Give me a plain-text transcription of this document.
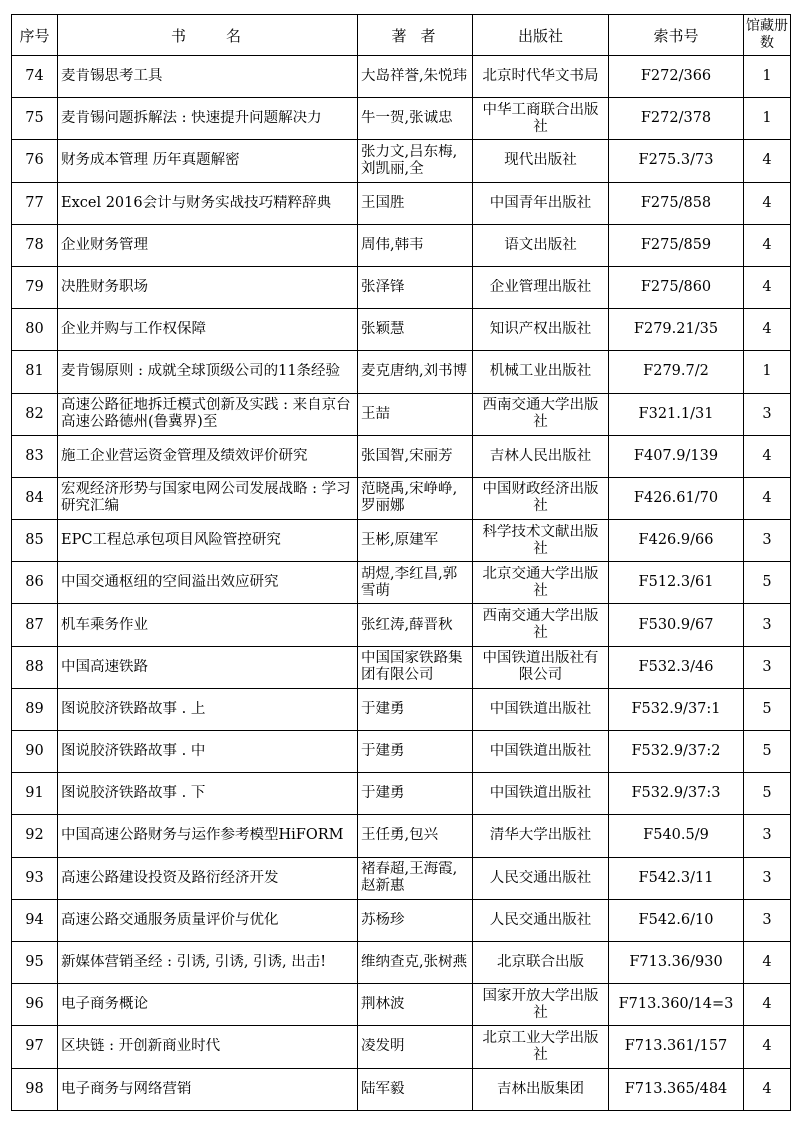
序号	书名	著者	出版社	索书号	馆藏册数
74	麦肯锡思考工具	大岛祥誉,朱悦玮	北京时代华文书局	F272/366	1
75	麦肯锡问题拆解法 : 快速提升问题解决力	牛一贺,张诚忠	中华工商联合出版社	F272/378	1
76	财务成本管理 历年真题解密	张力文,吕东梅,刘凯丽,全	现代出版社	F275.3/73	4
77	Excel 2016会计与财务实战技巧精粹辞典	王国胜	中国青年出版社	F275/858	4
78	企业财务管理	周伟,韩韦	语文出版社	F275/859	4
79	决胜财务职场	张泽锋	企业管理出版社	F275/860	4
80	企业并购与工作权保障	张颖慧	知识产权出版社	F279.21/35	4
81	麦肯锡原则 : 成就全球顶级公司的11条经验	麦克唐纳,刘书博	机械工业出版社	F279.7/2	1
82	高速公路征地拆迁模式创新及实践 : 来自京台高速公路德州(鲁冀界)至	王喆	西南交通大学出版社	F321.1/31	3
83	施工企业营运资金管理及绩效评价研究	张国智,宋丽芳	吉林人民出版社	F407.9/139	4
84	宏观经济形势与国家电网公司发展战略 : 学习研究汇编	范晓禹,宋峥峥,罗丽娜	中国财政经济出版社	F426.61/70	4
85	EPC工程总承包项目风险管控研究	王彬,原建军	科学技术文献出版社	F426.9/66	3
86	中国交通枢纽的空间溢出效应研究	胡煜,李红昌,郭雪萌	北京交通大学出版社	F512.3/61	5
87	机车乘务作业	张红涛,薛晋秋	西南交通大学出版社	F530.9/67	3
88	中国高速铁路	中国国家铁路集团有限公司	中国铁道出版社有限公司	F532.3/46	3
89	图说胶济铁路故事 . 上	于建勇	中国铁道出版社	F532.9/37:1	5
90	图说胶济铁路故事 . 中	于建勇	中国铁道出版社	F532.9/37:2	5
91	图说胶济铁路故事 . 下	于建勇	中国铁道出版社	F532.9/37:3	5
92	中国高速公路财务与运作参考模型HiFORM	王任勇,包兴	清华大学出版社	F540.5/9	3
93	高速公路建设投资及路衍经济开发	褚春超,王海霞,赵新惠	人民交通出版社	F542.3/11	3
94	高速公路交通服务质量评价与优化	苏杨珍	人民交通出版社	F542.6/10	3
95	新媒体营销圣经 : 引诱, 引诱, 引诱, 出击!	维纳查克,张树燕	北京联合出版	F713.36/930	4
96	电子商务概论	荆林波	国家开放大学出版社	F713.360/14=3	4
97	区块链 : 开创新商业时代	凌发明	北京工业大学出版社	F713.361/157	4
98	电子商务与网络营销	陆军毅	吉林出版集团	F713.365/484	4
